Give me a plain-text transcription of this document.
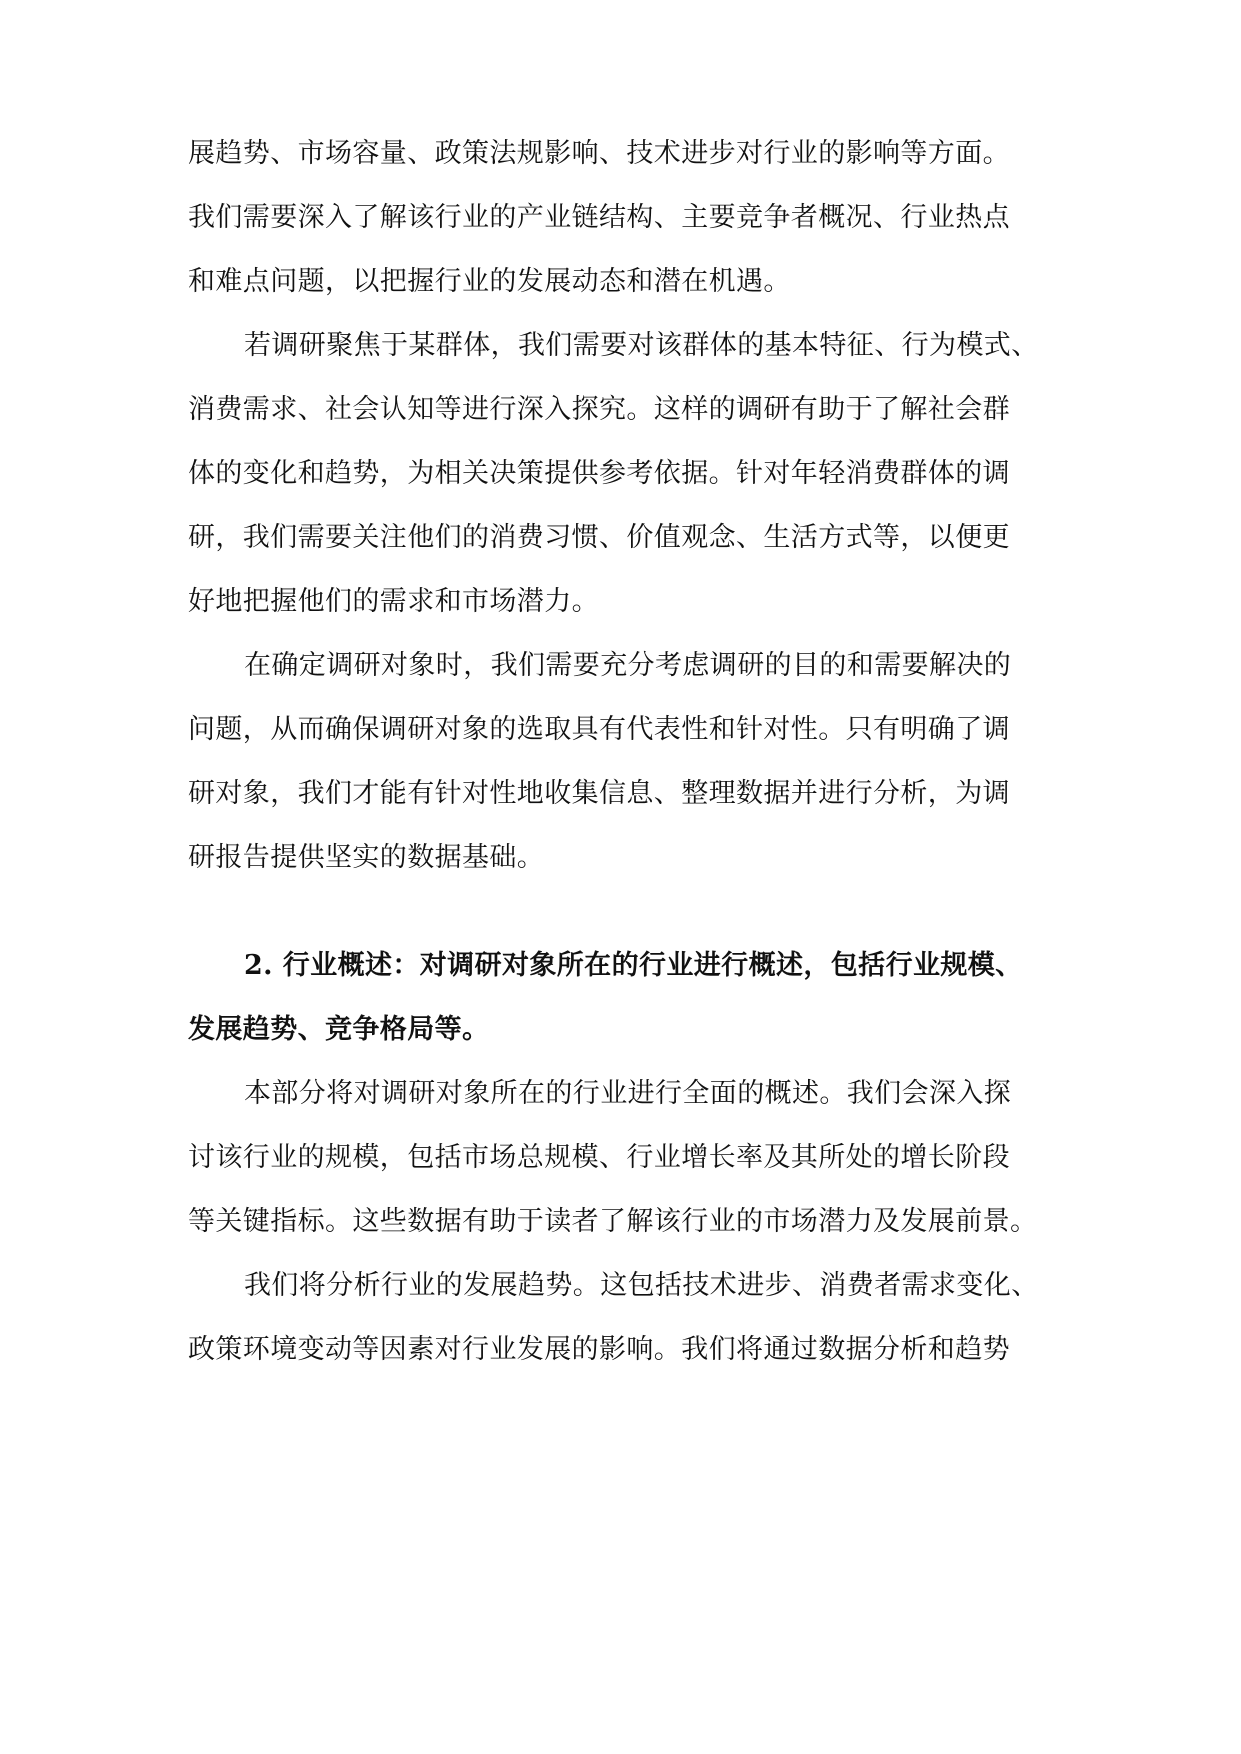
展趋势、市场容量、政策法规影响、技术进步对行业的影响等方面。
我们需要深入了解该行业的产业链结构、主要竞争者概况、行业热点
和难点问题，以把握行业的发展动态和潜在机遇。
若调研聚焦于某群体，我们需要对该群体的基本特征、行为模式、
消费需求、社会认知等进行深入探究。这样的调研有助于了解社会群
体的变化和趋势，为相关决策提供参考依据。针对年轻消费群体的调
研，我们需要关注他们的消费习惯、价值观念、生活方式等，以便更
好地把握他们的需求和市场潜力。
在确定调研对象时，我们需要充分考虑调研的目的和需要解决的
问题，从而确保调研对象的选取具有代表性和针对性。只有明确了调
研对象，我们才能有针对性地收集信息、整理数据并进行分析，为调
研报告提供坚实的数据基础。
2. 行业概述：对调研对象所在的行业进行概述，包括行业规模、
发展趋势、竞争格局等。
本部分将对调研对象所在的行业进行全面的概述。我们会深入探
讨该行业的规模，包括市场总规模、行业增长率及其所处的增长阶段
等关键指标。这些数据有助于读者了解该行业的市场潜力及发展前景。
我们将分析行业的发展趋势。这包括技术进步、消费者需求变化、
政策环境变动等因素对行业发展的影响。我们将通过数据分析和趋势
